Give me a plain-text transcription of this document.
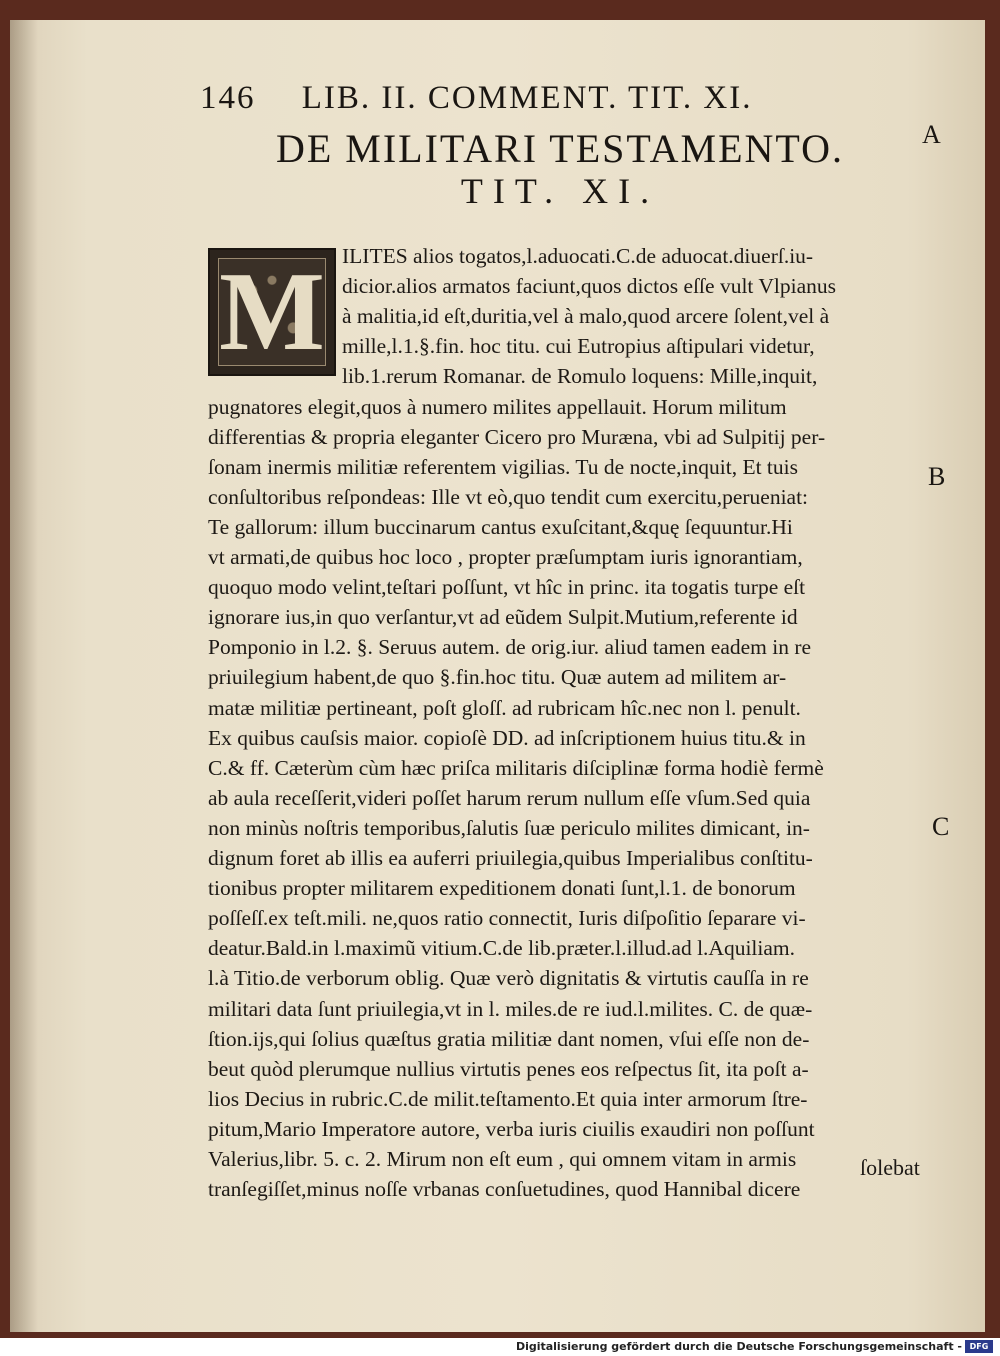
146 LIB. II. COMMENT. TIT. XI.
DE MILITARI TESTAMENTO.
TIT. XI.
A
B
C
M ILITES alios togatos,l.aduocati.C.de aduocat.diuerſ.iu-
dicior.alios armatos faciunt,quos dictos eſſe vult Vlpianus
à malitia,id eſt,duritia,vel à malo,quod arcere ſolent,vel à
mille,l.1.§.fin. hoc titu. cui Eutropius aſtipulari videtur,
lib.1.rerum Romanar. de Romulo loquens: Mille,inquit,
pugnatores elegit,quos à numero milites appellauit. Horum militum
differentias & propria eleganter Cicero pro Muræna, vbi ad Sulpitij per-
ſonam inermis militiæ referentem vigilias. Tu de nocte,inquit, Et tuis
conſultoribus reſpondeas: Ille vt eò,quo tendit cum exercitu,perueniat:
Te gallorum: illum buccinarum cantus exuſcitant,&quę ſequuntur.Hi
vt armati,de quibus hoc loco , propter præſumptam iuris ignorantiam,
quoquo modo velint,teſtari poſſunt, vt hîc in princ. ita togatis turpe eſt
ignorare ius,in quo verſantur,vt ad eũdem Sulpit.Mutium,referente id
Pomponio in l.2. §. Seruus autem. de orig.iur. aliud tamen eadem in re
priuilegium habent,de quo §.fin.hoc titu. Quæ autem ad militem ar-
matæ militiæ pertineant, poſt gloſſ. ad rubricam hîc.nec non l. penult.
Ex quibus cauſsis maior. copioſè DD. ad inſcriptionem huius titu.& in
C.& ff. Cæterùm cùm hæc priſca militaris diſciplinæ forma hodiè fermè
ab aula receſſerit,videri poſſet harum rerum nullum eſſe vſum.Sed quia
non minùs noſtris temporibus,ſalutis ſuæ periculo milites dimicant, in-
dignum foret ab illis ea auferri priuilegia,quibus Imperialibus conſtitu-
tionibus propter militarem expeditionem donati ſunt,l.1. de bonorum
poſſeſſ.ex teſt.mili. ne,quos ratio connectit, Iuris diſpoſitio ſeparare vi-
deatur.Bald.in l.maximũ vitium.C.de lib.præter.l.illud.ad l.Aquiliam.
l.à Titio.de verborum oblig. Quæ verò dignitatis & virtutis cauſſa in re
militari data ſunt priuilegia,vt in l. miles.de re iud.l.milites. C. de quæ-
ſtion.ijs,qui ſolius quæſtus gratia militiæ dant nomen, vſui eſſe non de-
beut quòd plerumque nullius virtutis penes eos reſpectus ſit, ita poſt a-
lios Decius in rubric.C.de milit.teſtamento.Et quia inter armorum ſtre-
pitum,Mario Imperatore autore, verba iuris ciuilis exaudiri non poſſunt
Valerius,libr. 5. c. 2. Mirum non eſt eum , qui omnem vitam in armis
tranſegiſſet,minus noſſe vrbanas conſuetudines, quod Hannibal dicere
ſolebat
Digitalisierung gefördert durch die Deutsche Forschungsgemeinschaft - DFG
